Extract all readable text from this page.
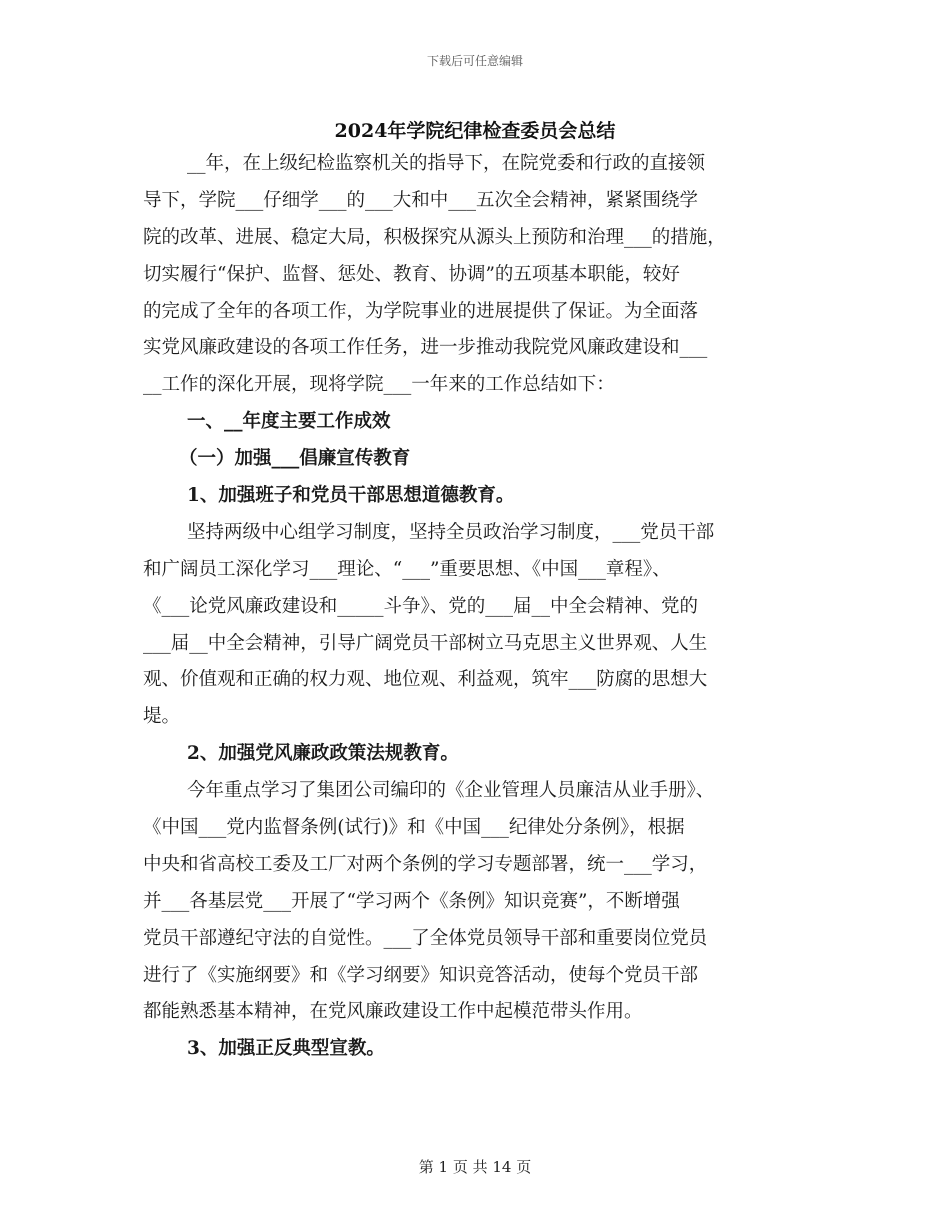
下载后可任意编辑
2024年学院纪律检查委员会总结
__年，在上级纪检监察机关的指导下，在院党委和行政的直接领
导下，学院___仔细学___的___大和中___五次全会精神，紧紧围绕学
院的改革、进展、稳定大局，积极探究从源头上预防和治理___的措施，
切实履行“保护、监督、惩处、教育、协调”的五项基本职能，较好
的完成了全年的各项工作，为学院事业的进展提供了保证。为全面落
实党风廉政建设的各项工作任务，进一步推动我院党风廉政建设和___
__工作的深化开展，现将学院___一年来的工作总结如下：
一、__年度主要工作成效
（一）加强___倡廉宣传教育
1、加强班子和党员干部思想道德教育。
坚持两级中心组学习制度，坚持全员政治学习制度，___党员干部
和广阔员工深化学习___理论、“___”重要思想、《中国___章程》、
《___论党风廉政建设和_____斗争》、党的___届__中全会精神、党的
___届__中全会精神，引导广阔党员干部树立马克思主义世界观、人生
观、价值观和正确的权力观、地位观、利益观，筑牢___防腐的思想大
堤。
2、加强党风廉政政策法规教育。
今年重点学习了集团公司编印的《企业管理人员廉洁从业手册》、
《中国___党内监督条例(试行)》和《中国___纪律处分条例》，根据
中央和省高校工委及工厂对两个条例的学习专题部署，统一___学习，
并___各基层党___开展了“学习两个《条例》知识竞赛”，不断增强
党员干部遵纪守法的自觉性。___了全体党员领导干部和重要岗位党员
进行了《实施纲要》和《学习纲要》知识竞答活动，使每个党员干部
都能熟悉基本精神，在党风廉政建设工作中起模范带头作用。
3、加强正反典型宣教。
第 1 页 共 14 页
